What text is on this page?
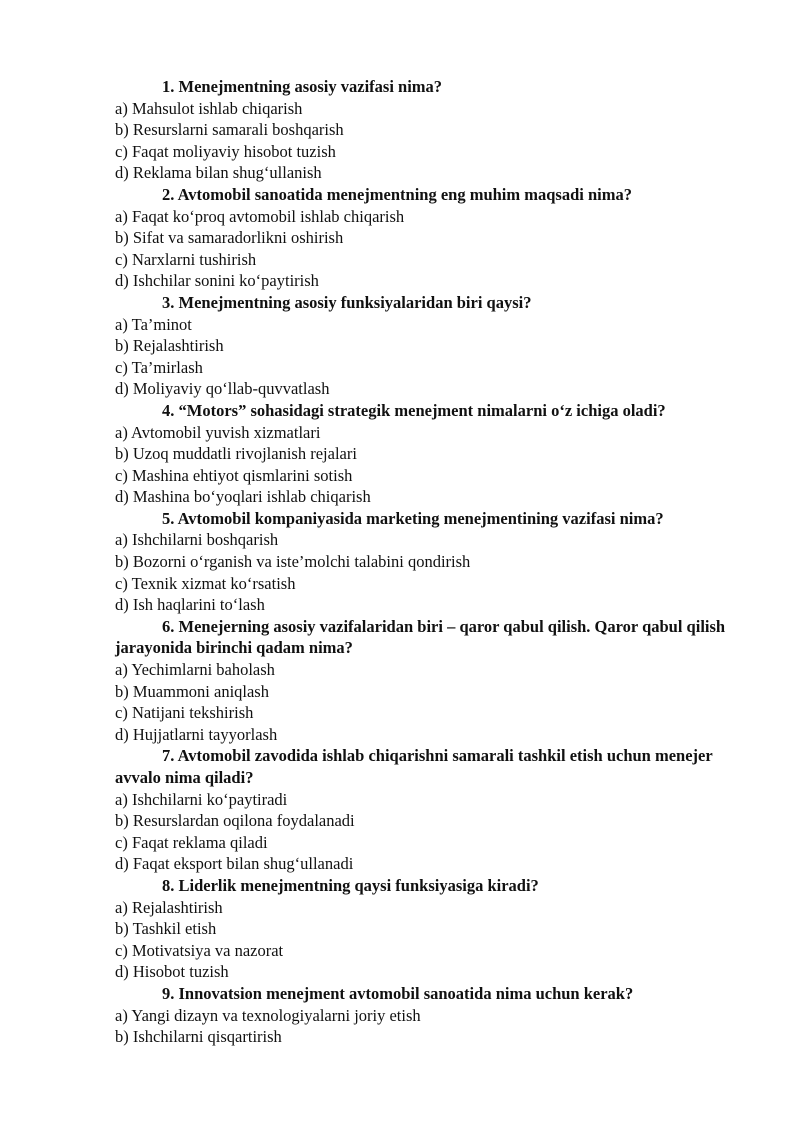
1. Menejmentning asosiy vazifasi nima?

a) Mahsulot ishlab chiqarish

b) Resurslarni samarali boshqarish

c) Faqat moliyaviy hisobot tuzish

d) Reklama bilan shug‘ullanish

2. Avtomobil sanoatida menejmentning eng muhim maqsadi nima?

a) Faqat ko‘proq avtomobil ishlab chiqarish

b) Sifat va samaradorlikni oshirish

c) Narxlarni tushirish

d) Ishchilar sonini ko‘paytirish

3. Menejmentning asosiy funksiyalaridan biri qaysi?

a) Ta’minot

b) Rejalashtirish

c) Ta’mirlash

d) Moliyaviy qo‘llab-quvvatlash

4. “Motors” sohasidagi strategik menejment nimalarni o‘z ichiga oladi?

a) Avtomobil yuvish xizmatlari

b) Uzoq muddatli rivojlanish rejalari

c) Mashina ehtiyot qismlarini sotish

d) Mashina bo‘yoqlari ishlab chiqarish

5. Avtomobil kompaniyasida marketing menejmentining vazifasi nima?

a) Ishchilarni boshqarish

b) Bozorni o‘rganish va iste’molchi talabini qondirish

c) Texnik xizmat ko‘rsatish

d) Ish haqlarini to‘lash

6. Menejerning asosiy vazifalaridan biri – qaror qabul qilish. Qaror qabul qilish jarayonida birinchi qadam nima?

a) Yechimlarni baholash

b) Muammoni aniqlash

c) Natijani tekshirish

d) Hujjatlarni tayyorlash

7. Avtomobil zavodida ishlab chiqarishni samarali tashkil etish uchun menejer avvalo nima qiladi?

a) Ishchilarni ko‘paytiradi

b) Resurslardan oqilona foydalanadi

c) Faqat reklama qiladi

d) Faqat eksport bilan shug‘ullanadi

8. Liderlik menejmentning qaysi funksiyasiga kiradi?

a) Rejalashtirish

b) Tashkil etish

c) Motivatsiya va nazorat

d) Hisobot tuzish

9. Innovatsion menejment avtomobil sanoatida nima uchun kerak?

a) Yangi dizayn va texnologiyalarni joriy etish

b) Ishchilarni qisqartirish
